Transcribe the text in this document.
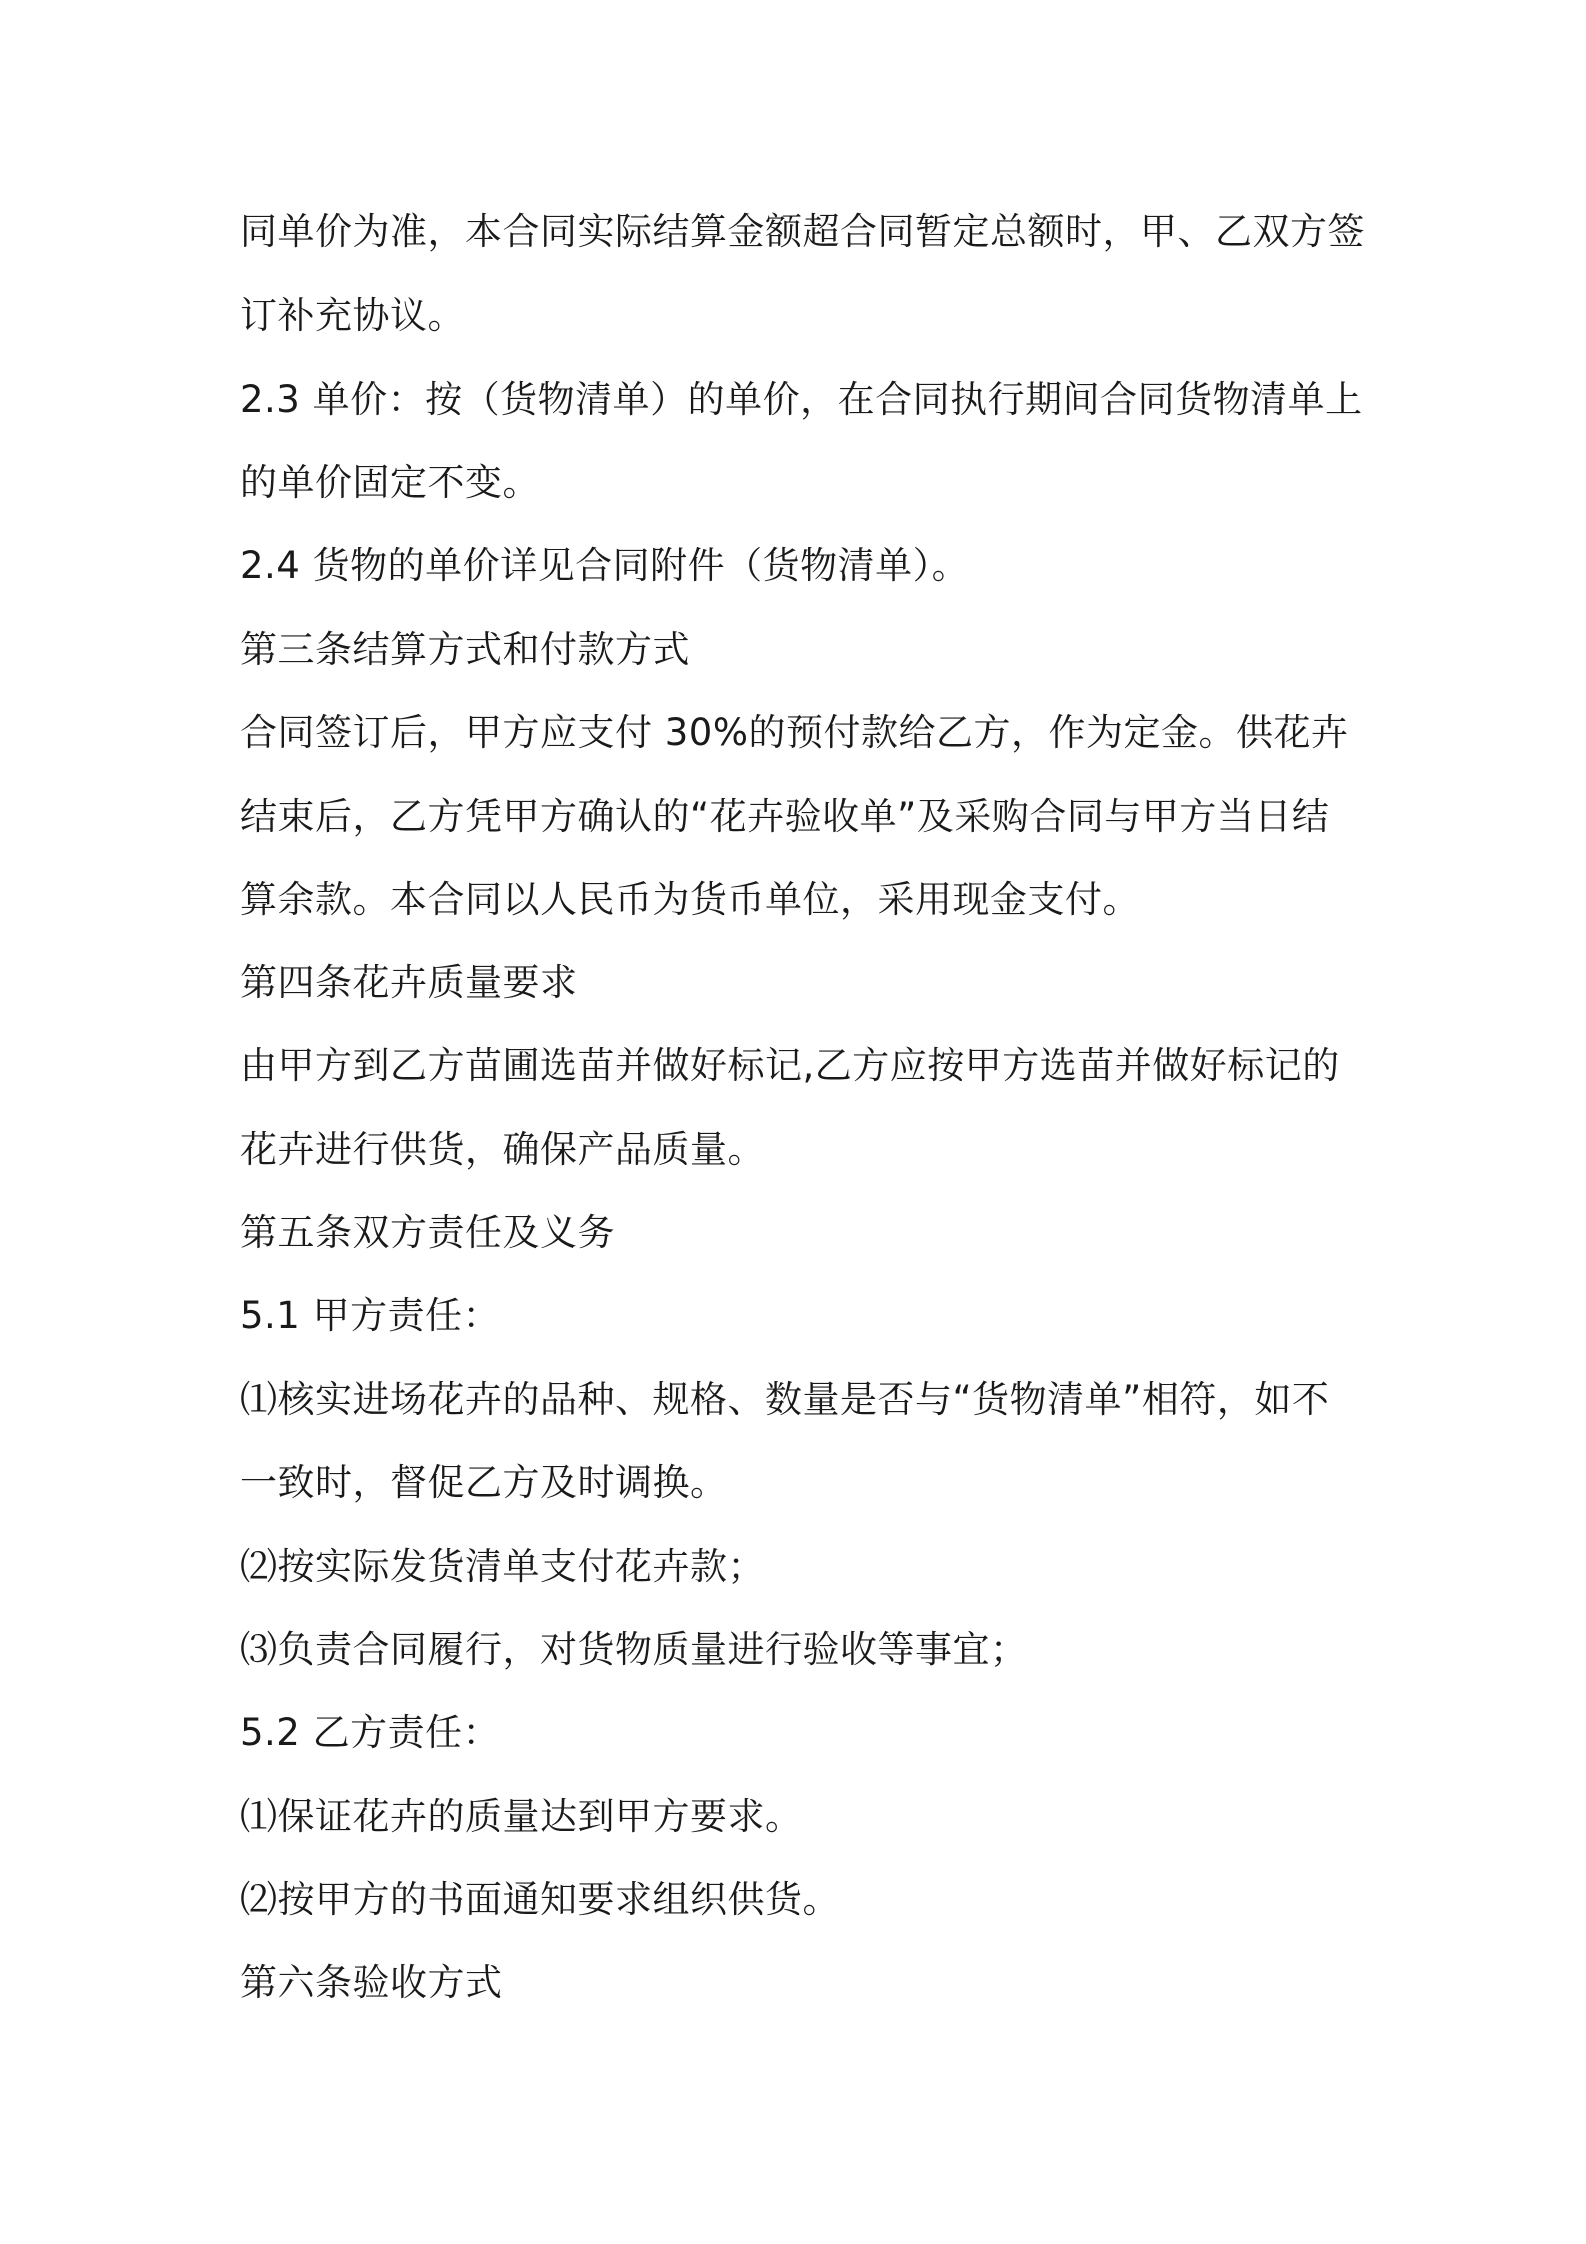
同单价为准，本合同实际结算金额超合同暂定总额时，甲、乙双方签
订补充协议。
2.3 单价：按（货物清单）的单价，在合同执行期间合同货物清单上
的单价固定不变。
2.4 货物的单价详见合同附件（货物清单）。
第三条结算方式和付款方式
合同签订后，甲方应支付 30%的预付款给乙方，作为定金。供花卉
结束后，乙方凭甲方确认的“花卉验收单”及采购合同与甲方当日结
算余款。本合同以人民币为货币单位，采用现金支付。
第四条花卉质量要求
由甲方到乙方苗圃选苗并做好标记,乙方应按甲方选苗并做好标记的
花卉进行供货，确保产品质量。
第五条双方责任及义务
5.1 甲方责任：
⑴核实进场花卉的品种、规格、数量是否与“货物清单”相符，如不
一致时，督促乙方及时调换。
⑵按实际发货清单支付花卉款；
⑶负责合同履行，对货物质量进行验收等事宜；
5.2 乙方责任：
⑴保证花卉的质量达到甲方要求。
⑵按甲方的书面通知要求组织供货。
第六条验收方式
